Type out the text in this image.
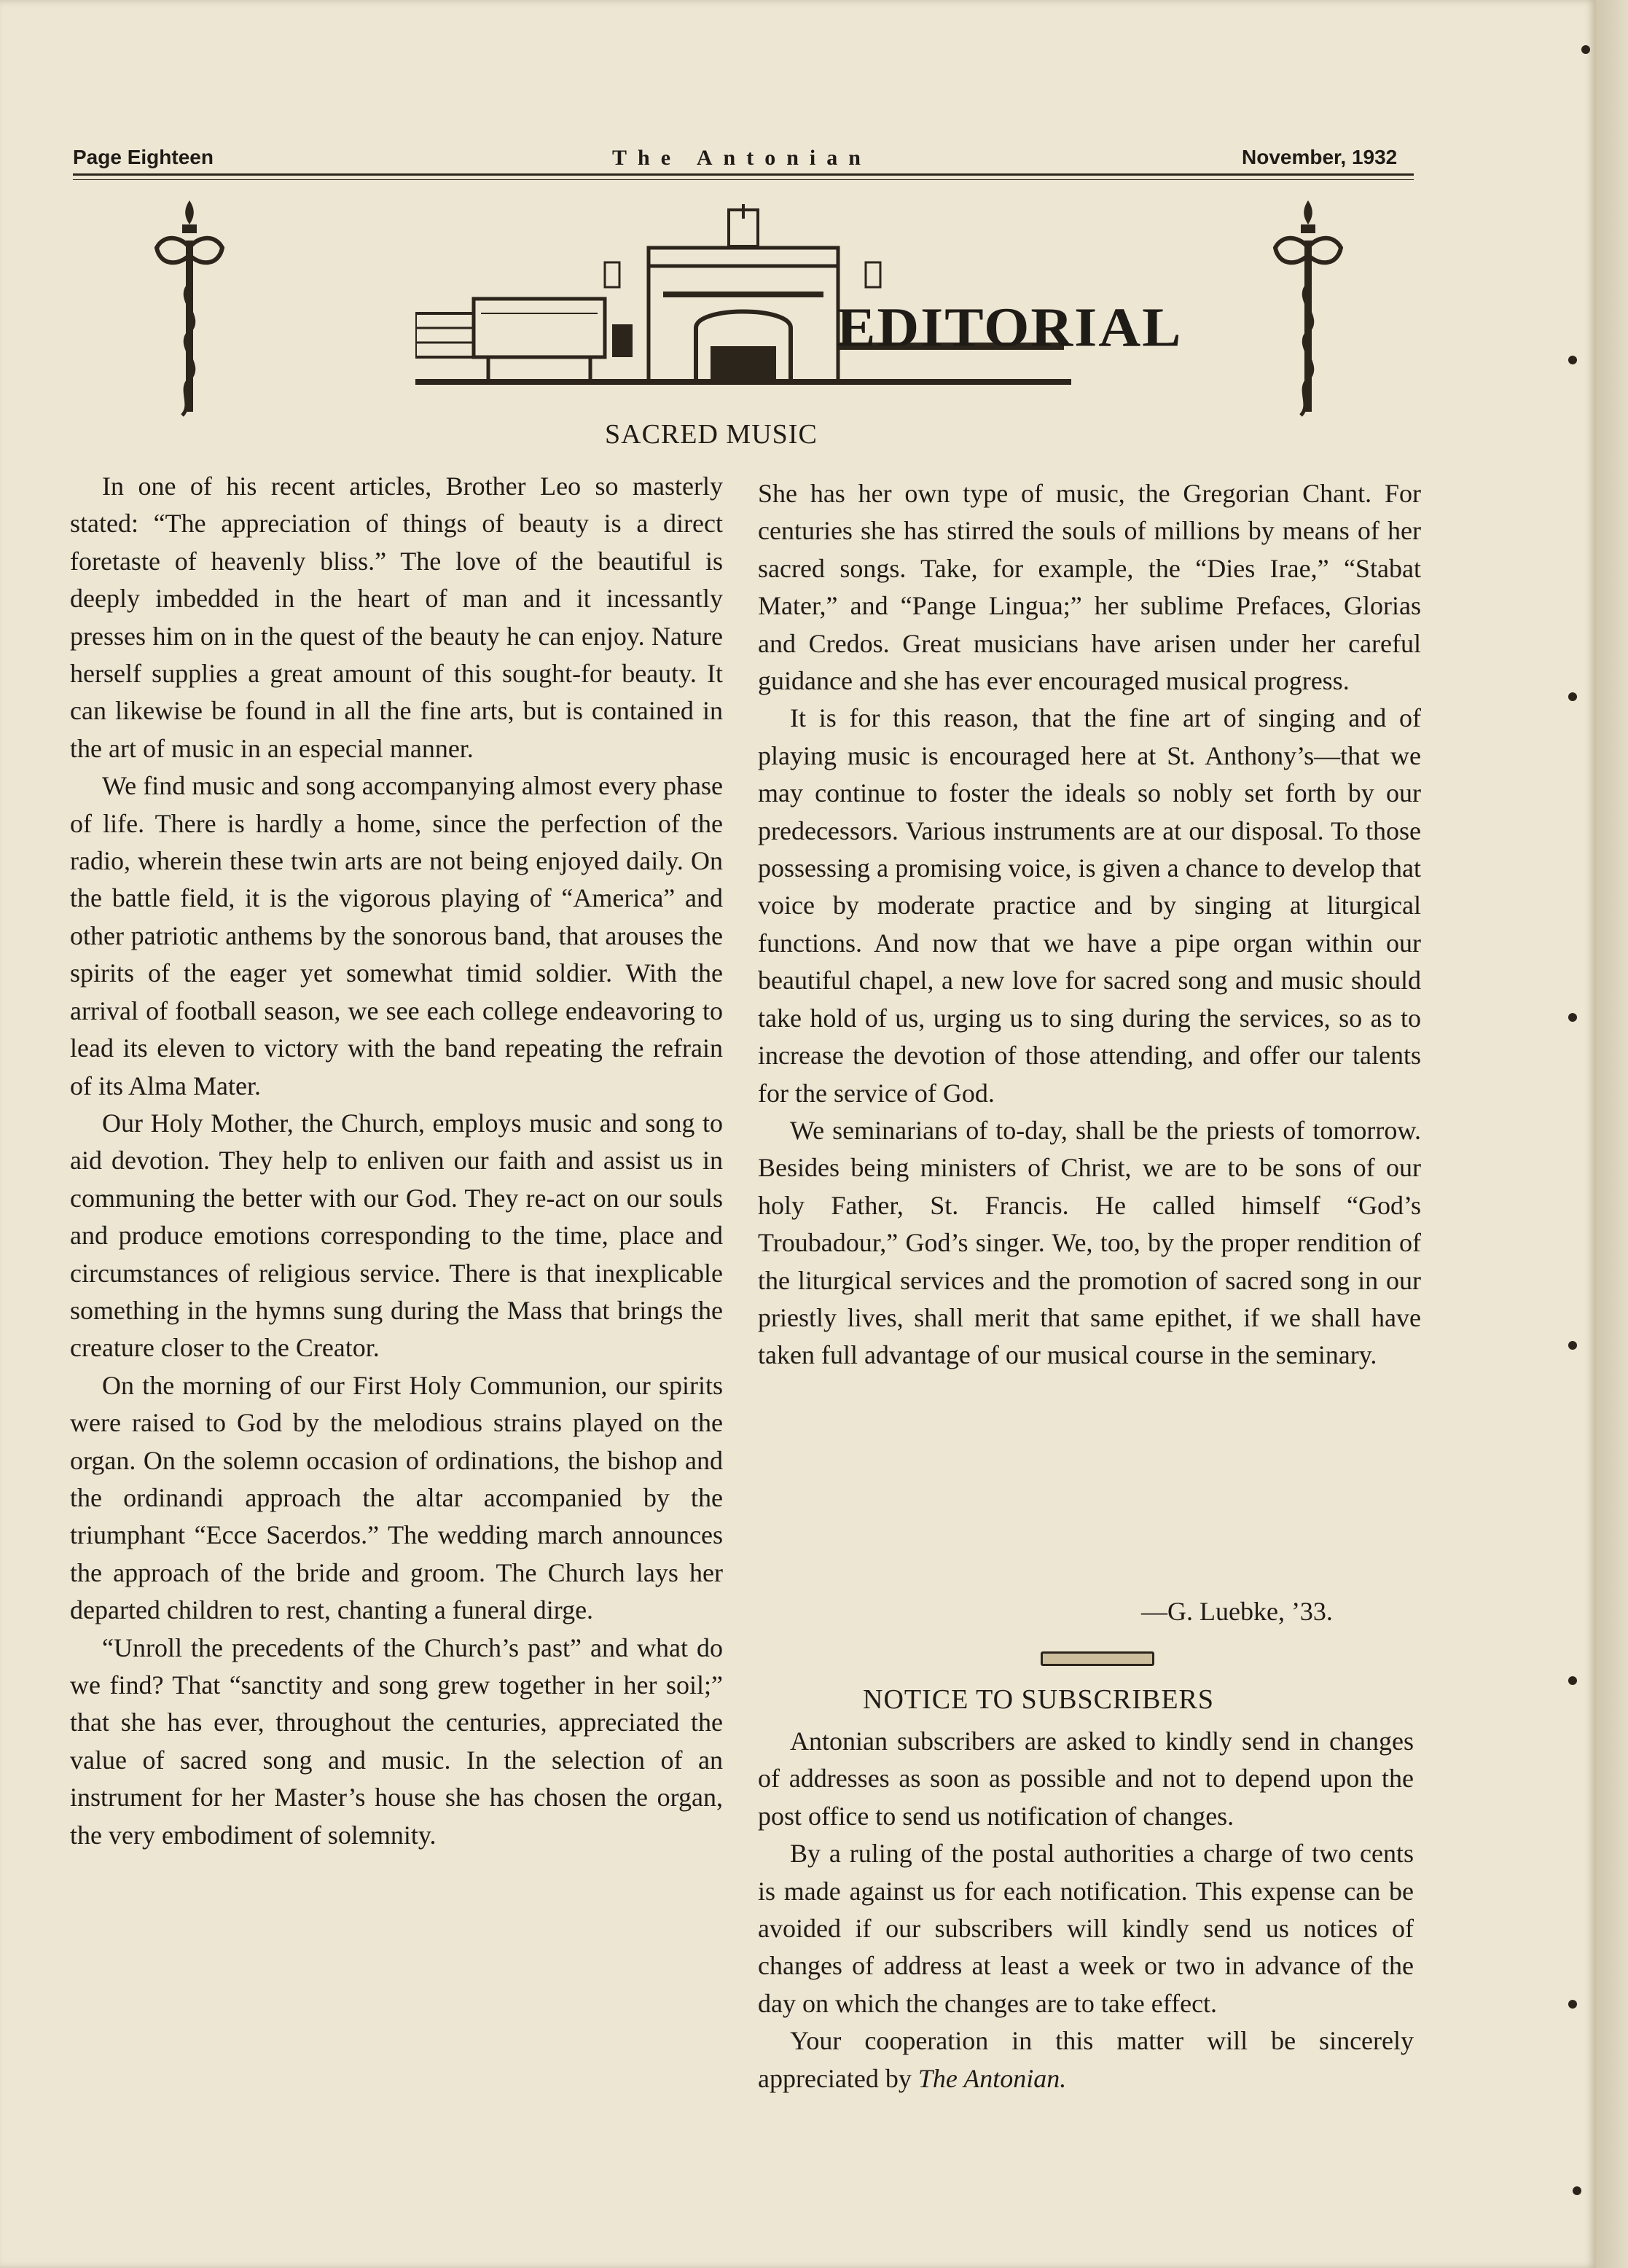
Page Eighteen	The Antonian	November, 1932
EDITORIAL
SACRED MUSIC

In one of his recent articles, Brother Leo so masterly stated: “The appreciation of things of beauty is a direct foretaste of heavenly bliss.” The love of the beautiful is deeply imbedded in the heart of man and it incessantly presses him on in the quest of the beauty he can enjoy. Nature herself supplies a great amount of this sought-for beauty. It can likewise be found in all the fine arts, but is contained in the art of music in an especial manner.

We find music and song accompanying almost every phase of life. There is hardly a home, since the perfection of the radio, wherein these twin arts are not being enjoyed daily. On the battle field, it is the vigorous playing of “America” and other patriotic anthems by the sonorous band, that arouses the spirits of the eager yet somewhat timid soldier. With the arrival of football season, we see each college endeavoring to lead its eleven to victory with the band repeating the refrain of its Alma Mater.

Our Holy Mother, the Church, employs music and song to aid devotion. They help to enliven our faith and assist us in communing the better with our God. They re-act on our souls and produce emotions corresponding to the time, place and circumstances of religious service. There is that inexplicable something in the hymns sung during the Mass that brings the creature closer to the Creator.

On the morning of our First Holy Communion, our spirits were raised to God by the melodious strains played on the organ. On the solemn occasion of ordinations, the bishop and the ordinandi approach the altar accompanied by the triumphant “Ecce Sacerdos.” The wedding march announces the approach of the bride and groom. The Church lays her departed children to rest, chanting a funeral dirge.

“Unroll the precedents of the Church’s past” and what do we find? That “sanctity and song grew together in her soil;” that she has ever, throughout the centuries, appreciated the value of sacred song and music. In the selection of an instrument for her Master’s house she has chosen the organ, the very embodiment of solemnity.

She has her own type of music, the Gregorian Chant. For centuries she has stirred the souls of millions by means of her sacred songs. Take, for example, the “Dies Irae,” “Stabat Mater,” and “Pange Lingua;” her sublime Prefaces, Glorias and Credos. Great musicians have arisen under her careful guidance and she has ever encouraged musical progress.

It is for this reason, that the fine art of singing and of playing music is encouraged here at St. Anthony’s—that we may continue to foster the ideals so nobly set forth by our predecessors. Various instruments are at our disposal. To those possessing a promising voice, is given a chance to develop that voice by moderate practice and by singing at liturgical functions. And now that we have a pipe organ within our beautiful chapel, a new love for sacred song and music should take hold of us, urging us to sing during the services, so as to increase the devotion of those attending, and offer our talents for the service of God.

We seminarians of to-day, shall be the priests of tomorrow. Besides being ministers of Christ, we are to be sons of our holy Father, St. Francis. He called himself “God’s Troubadour,” God’s singer. We, too, by the proper rendition of the liturgical services and the promotion of sacred song in our priestly lives, shall merit that same epithet, if we shall have taken full advantage of our musical course in the seminary.

—G. Luebke, ’33.
NOTICE TO SUBSCRIBERS

Antonian subscribers are asked to kindly send in changes of addresses as soon as possible and not to depend upon the post office to send us notification of changes.

By a ruling of the postal authorities a charge of two cents is made against us for each notification. This expense can be avoided if our subscribers will kindly send us notices of changes of address at least a week or two in advance of the day on which the changes are to take effect.

Your cooperation in this matter will be sincerely appreciated by The Antonian.
